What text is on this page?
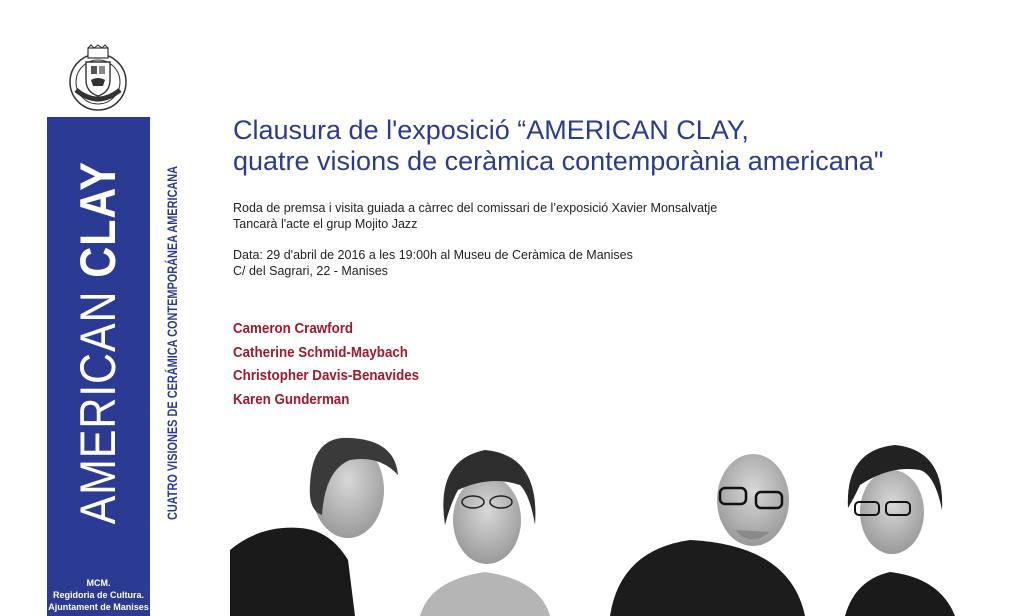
AMERICAN CLAY
MCM.
Regidoria de Cultura.
Ajuntament de Manises
CUATRO VISIONES DE CERÁMICA CONTEMPORÁNEA AMERICANA
Clausura de l'exposició “AMERICAN CLAY,
quatre visions de ceràmica contemporània americana"
Roda de premsa i visita guiada a càrrec del comissari de l’exposició Xavier Monsalvatje
Tancarà l'acte el grup Mojito Jazz
Data: 29 d'abril de 2016 a les 19:00h al Museu de Ceràmica de Manises
C/ del Sagrari, 22 - Manises
Cameron Crawford
Catherine Schmid-Maybach
Christopher Davis-Benavides
Karen Gunderman
